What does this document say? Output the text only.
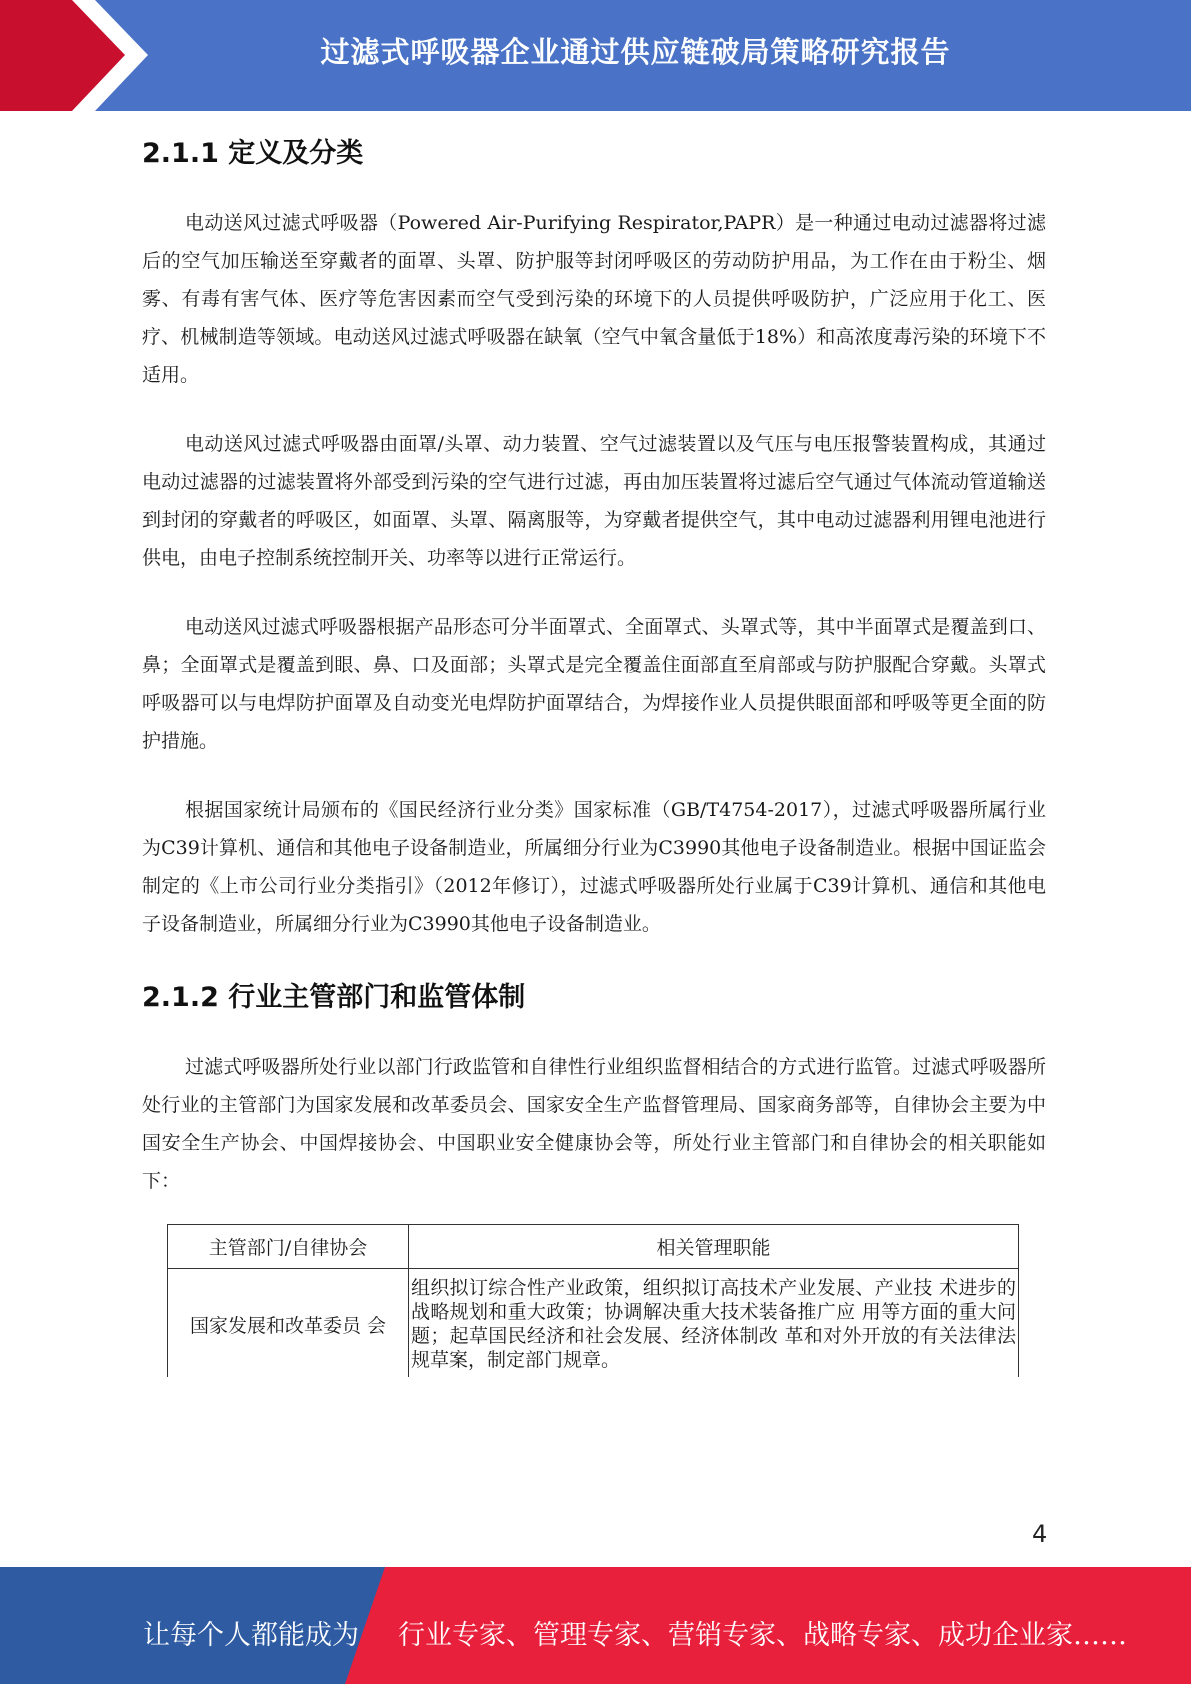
过滤式呼吸器企业通过供应链破局策略研究报告
2.1.1 定义及分类

电动送风过滤式呼吸器（Powered Air-Purifying Respirator,PAPR）是一种通过电动过滤器将过滤后的空气加压输送至穿戴者的面罩、头罩、防护服等封闭呼吸区的劳动防护用品，为工作在由于粉尘、烟雾、有毒有害气体、医疗等危害因素而空气受到污染的环境下的人员提供呼吸防护，广泛应用于化工、医疗、机械制造等领域。电动送风过滤式呼吸器在缺氧（空气中氧含量低于18%）和高浓度毒污染的环境下不适用。

电动送风过滤式呼吸器由面罩/头罩、动力装置、空气过滤装置以及气压与电压报警装置构成，其通过电动过滤器的过滤装置将外部受到污染的空气进行过滤，再由加压装置将过滤后空气通过气体流动管道输送到封闭的穿戴者的呼吸区，如面罩、头罩、隔离服等，为穿戴者提供空气，其中电动过滤器利用锂电池进行供电，由电子控制系统控制开关、功率等以进行正常运行。

电动送风过滤式呼吸器根据产品形态可分半面罩式、全面罩式、头罩式等，其中半面罩式是覆盖到口、鼻；全面罩式是覆盖到眼、鼻、口及面部；头罩式是完全覆盖住面部直至肩部或与防护服配合穿戴。头罩式呼吸器可以与电焊防护面罩及自动变光电焊防护面罩结合，为焊接作业人员提供眼面部和呼吸等更全面的防护措施。

根据国家统计局颁布的《国民经济行业分类》国家标准（GB/T4754-2017），过滤式呼吸器所属行业为C39计算机、通信和其他电子设备制造业，所属细分行业为C3990其他电子设备制造业。根据中国证监会制定的《上市公司行业分类指引》（2012年修订），过滤式呼吸器所处行业属于C39计算机、通信和其他电子设备制造业，所属细分行业为C3990其他电子设备制造业。

2.1.2 行业主管部门和监管体制

过滤式呼吸器所处行业以部门行政监管和自律性行业组织监督相结合的方式进行监管。过滤式呼吸器所处行业的主管部门为国家发展和改革委员会、国家安全生产监督管理局、国家商务部等，自律协会主要为中国安全生产协会、中国焊接协会、中国职业安全健康协会等，所处行业主管部门和自律协会的相关职能如下：

主管部门/自律协会	相关管理职能
国家发展和改革委员 会	组织拟订综合性产业政策，组织拟订高技术产业发展、产业技 术进步的战略规划和重大政策；协调解决重大技术装备推广应 用等方面的重大问题；起草国民经济和社会发展、经济体制改 革和对外开放的有关法律法规草案，制定部门规章。
4
让每个人都能成为 行业专家、管理专家、营销专家、战略专家、成功企业家……
